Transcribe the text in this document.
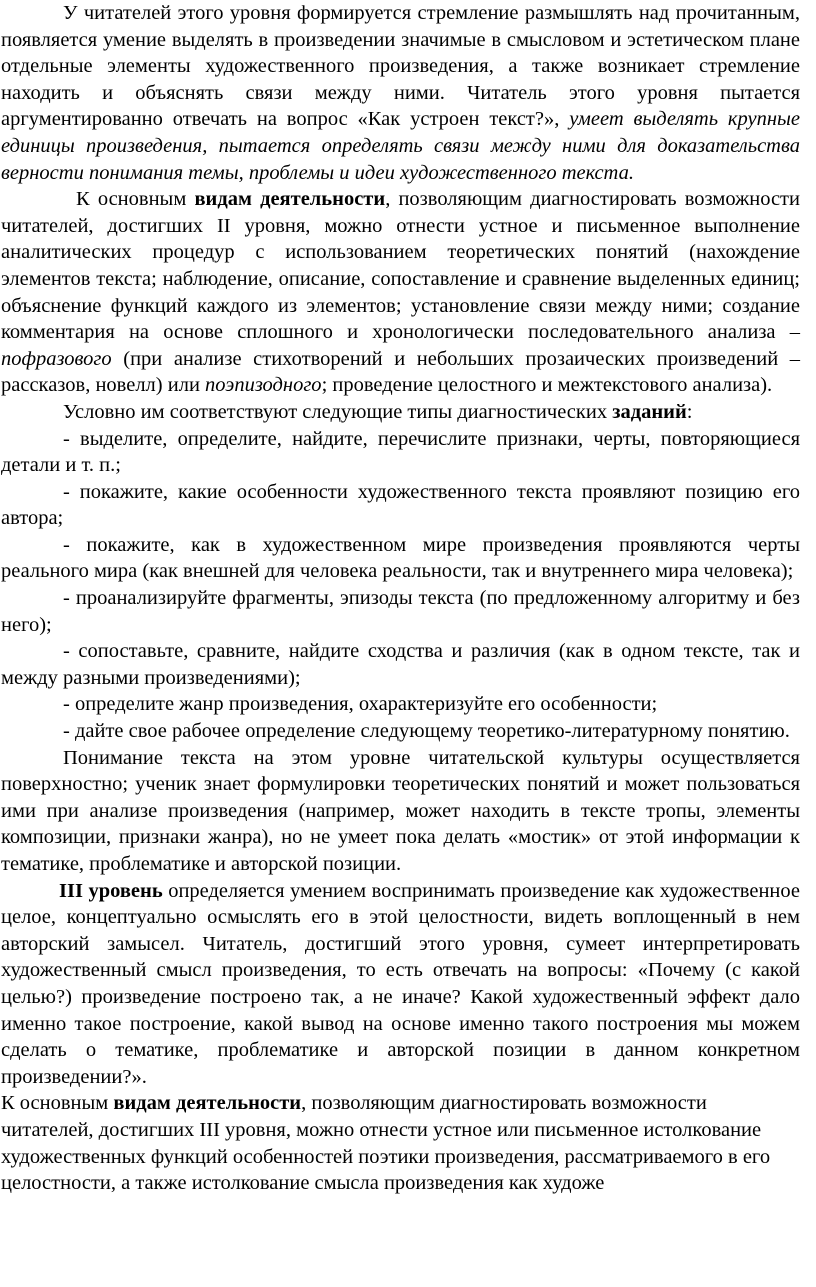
У читателей этого уровня формируется стремление размышлять над прочитанным, появляется умение выделять в произведении значимые в смысловом и эстетическом плане отдельные элементы художественного произведения, а также возникает стремление находить и объяснять связи между ними. Читатель этого уровня пытается аргументированно отвечать на вопрос «Как устроен текст?», умеет выделять крупные единицы произведения, пытается определять связи между ними для доказательства верности понимания темы, проблемы и идеи художественного текста.

К основным видам деятельности, позволяющим диагностировать возможности читателей, достигших II уровня, можно отнести устное и письменное выполнение аналитических процедур с использованием теоретических понятий (нахождение элементов текста; наблюдение, описание, сопоставление и сравнение выделенных единиц; объяснение функций каждого из элементов; установление связи между ними; создание комментария на основе сплошного и хронологически последовательного анализа – пофразового (при анализе стихотворений и небольших прозаических произведений – рассказов, новелл) или поэпизодного; проведение целостного и межтекстового анализа).

Условно им соответствуют следующие типы диагностических заданий:

- выделите, определите, найдите, перечислите признаки, черты, повторяющиеся детали и т. п.;

- покажите, какие особенности художественного текста проявляют позицию его автора;

- покажите, как в художественном мире произведения проявляются черты реального мира (как внешней для человека реальности, так и внутреннего мира человека);

- проанализируйте фрагменты, эпизоды текста (по предложенному алгоритму и без него);

- сопоставьте, сравните, найдите сходства и различия (как в одном тексте, так и между разными произведениями);

- определите жанр произведения, охарактеризуйте его особенности;

- дайте свое рабочее определение следующему теоретико-литературному понятию.

Понимание текста на этом уровне читательской культуры осуществляется поверхностно; ученик знает формулировки теоретических понятий и может пользоваться ими при анализе произведения (например, может находить в тексте тропы, элементы композиции, признаки жанра), но не умеет пока делать «мостик» от этой информации к тематике, проблематике и авторской позиции.

III уровень определяется умением воспринимать произведение как художественное целое, концептуально осмыслять его в этой целостности, видеть воплощенный в нем авторский замысел. Читатель, достигший этого уровня, сумеет интерпретировать художественный смысл произведения, то есть отвечать на вопросы: «Почему (с какой целью?) произведение построено так, а не иначе? Какой художественный эффект дало именно такое построение, какой вывод на основе именно такого построения мы можем сделать о тематике, проблематике и авторской позиции в данном конкретном произведении?».

К основным видам деятельности, позволяющим диагностировать возможности читателей, достигших III уровня, можно отнести устное или письменное истолкование художественных функций особенностей поэтики произведения, рассматриваемого в его целостности, а также истолкование смысла произведения как художе
